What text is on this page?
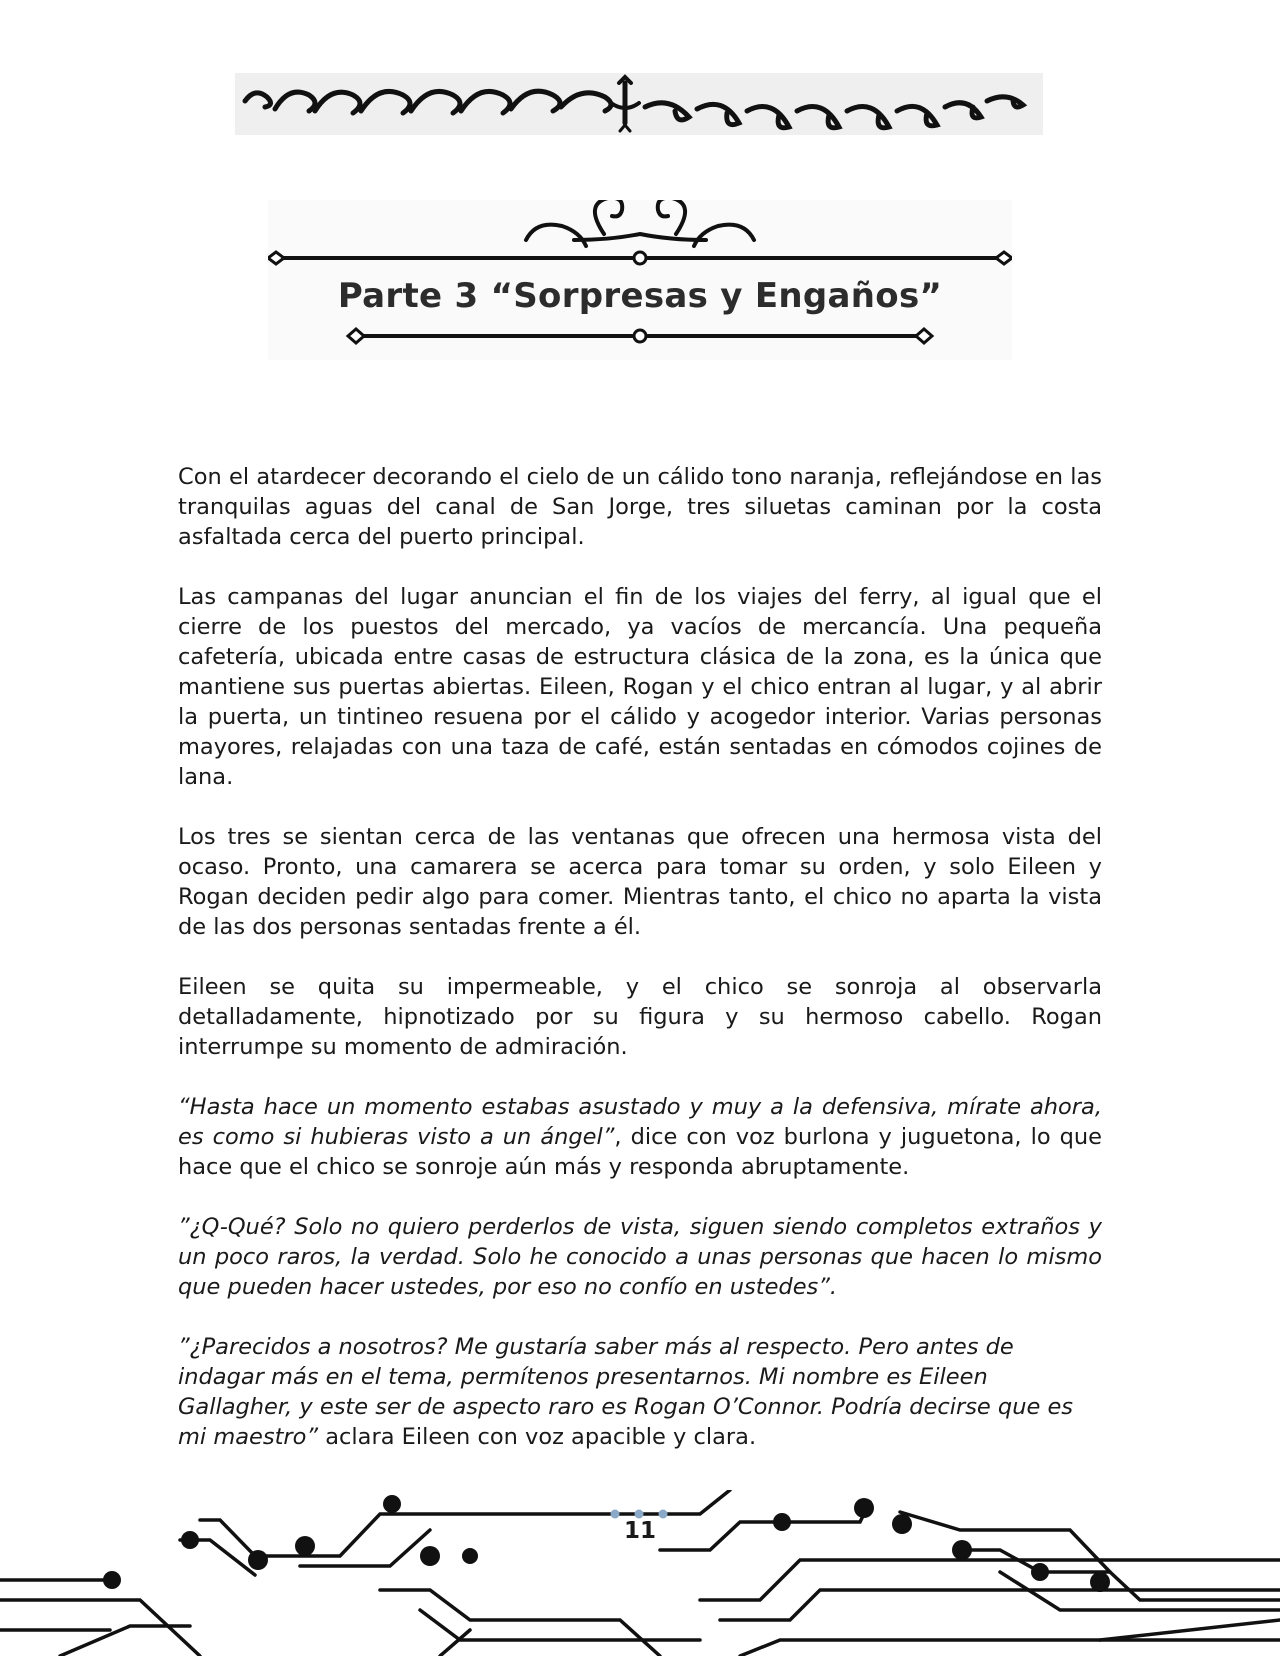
Parte 3 “Sorpresas y Engaños”

Con el atardecer decorando el cielo de un cálido tono naranja, reflejándose en las tranquilas aguas del canal de San Jorge, tres siluetas caminan por la costa asfaltada cerca del puerto principal.

Las campanas del lugar anuncian el fin de los viajes del ferry, al igual que el cierre de los puestos del mercado, ya vacíos de mercancía. Una pequeña cafetería, ubicada entre casas de estructura clásica de la zona, es la única que mantiene sus puertas abiertas. Eileen, Rogan y el chico entran al lugar, y al abrir la puerta, un tintineo resuena por el cálido y acogedor interior. Varias personas mayores, relajadas con una taza de café, están sentadas en cómodos cojines de lana.

Los tres se sientan cerca de las ventanas que ofrecen una hermosa vista del ocaso. Pronto, una camarera se acerca para tomar su orden, y solo Eileen y Rogan deciden pedir algo para comer. Mientras tanto, el chico no aparta la vista de las dos personas sentadas frente a él.

Eileen se quita su impermeable, y el chico se sonroja al observarla detalladamente, hipnotizado por su figura y su hermoso cabello. Rogan interrumpe su momento de admiración.

“Hasta hace un momento estabas asustado y muy a la defensiva, mírate ahora, es como si hubieras visto a un ángel”, dice con voz burlona y juguetona, lo que hace que el chico se sonroje aún más y responda abruptamente.

”¿Q-Qué? Solo no quiero perderlos de vista, siguen siendo completos extraños y un poco raros, la verdad. Solo he conocido a unas personas que hacen lo mismo que pueden hacer ustedes, por eso no confío en ustedes”.

”¿Parecidos a nosotros? Me gustaría saber más al respecto. Pero antes de indagar más en el tema, permítenos presentarnos. Mi nombre es Eileen Gallagher, y este ser de aspecto raro es Rogan O’Connor. Podría decirse que es mi maestro” aclara Eileen con voz apacible y clara.

11
